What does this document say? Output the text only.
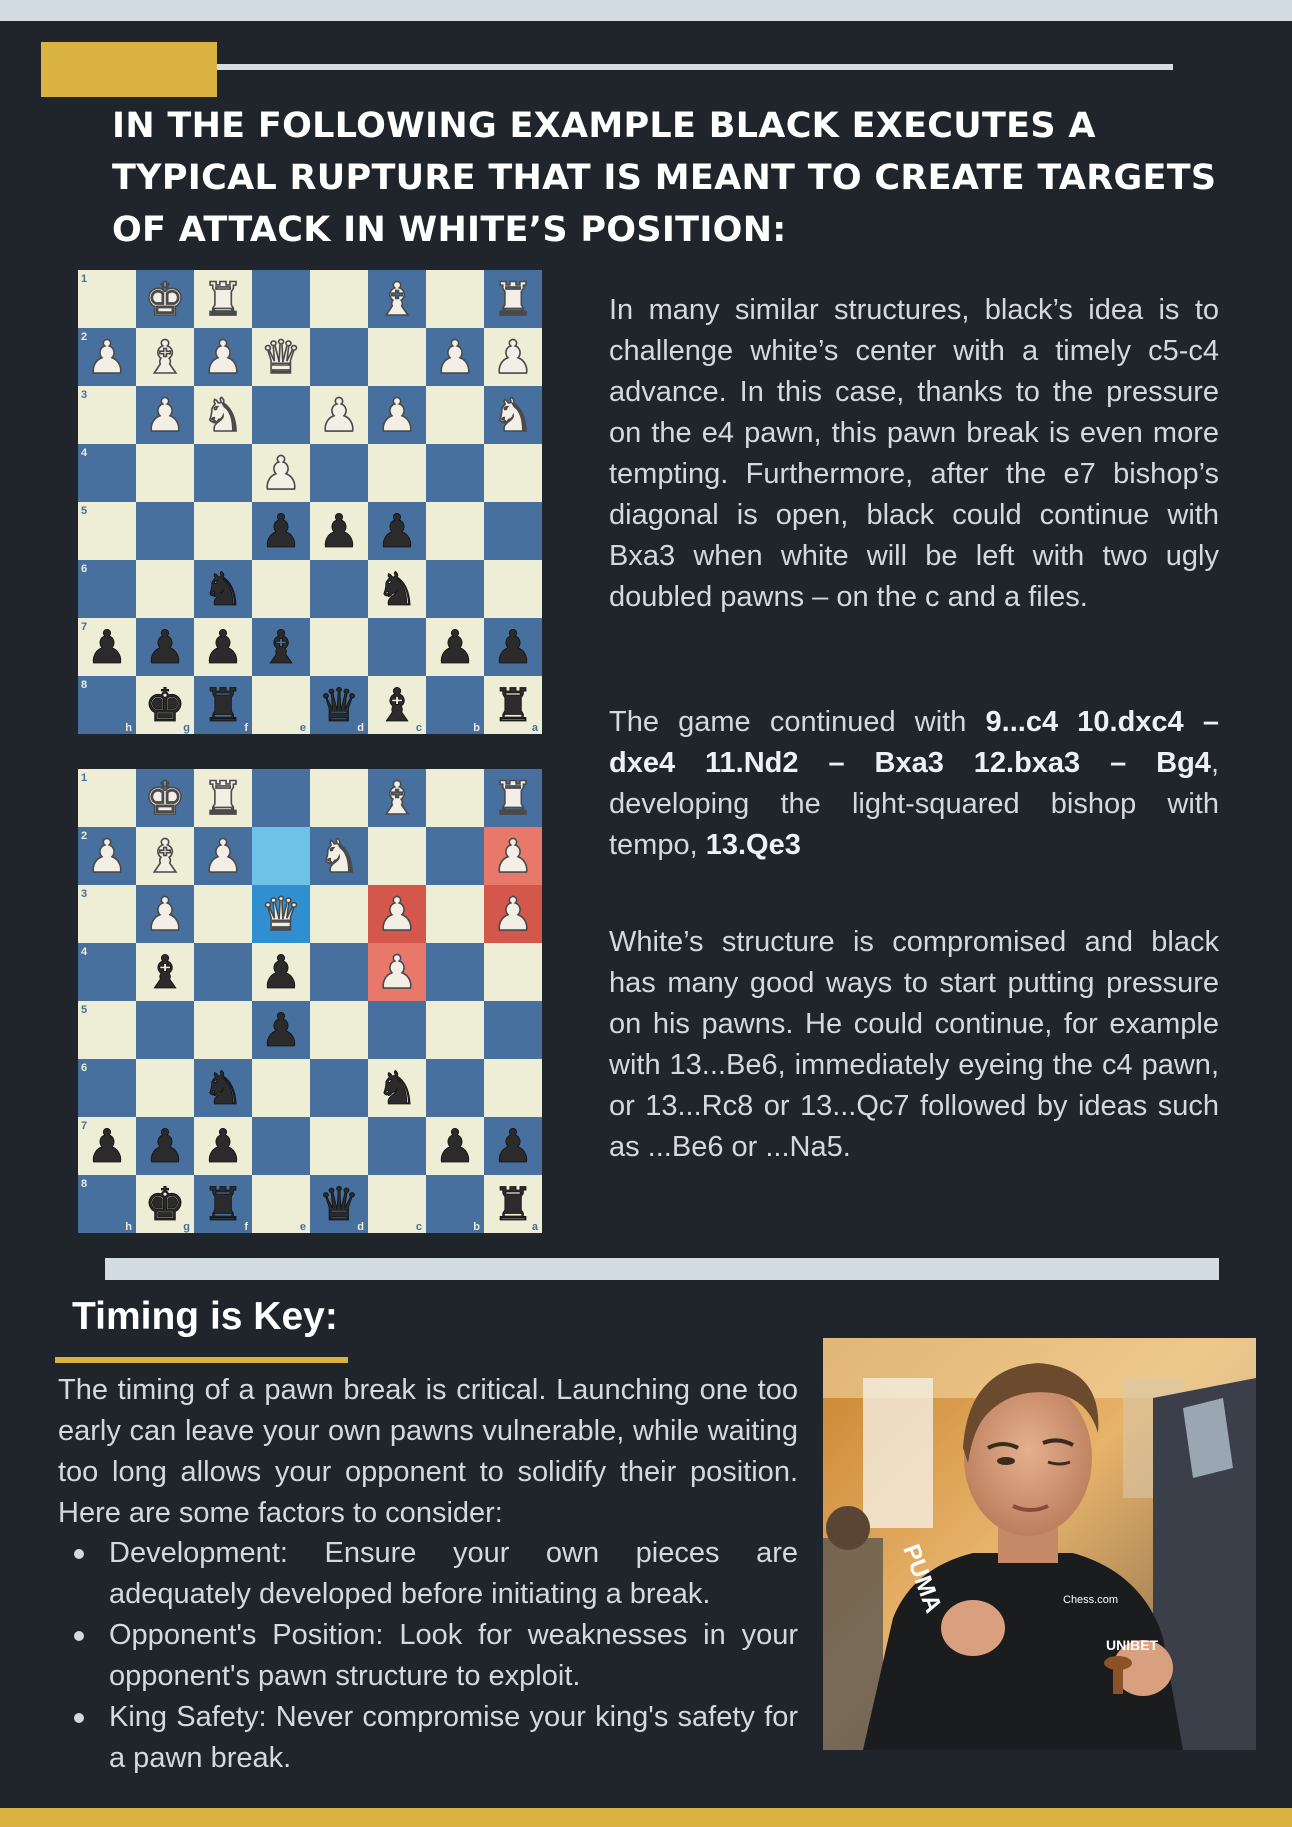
IN THE FOLLOWING EXAMPLE BLACK EXECUTES A TYPICAL RUPTURE THAT IS MEANT TO CREATE TARGETS OF ATTACK IN WHITE’S POSITION:
♚ ♜	♝ ♜
♟ ♝ ♟ ♛	♟ ♟
♟ ♞ ♟ ♟ ♞
♟
♟ ♟ ♟
♞	♞
♟ ♟ ♟ ♝	♟ ♟
♚ ♜ ♛ ♝ ♜
1
2
3
4
5
6
7
8
h	g	f	e	d	c	b	a
♚ ♜	♝ ♜
♟ ♝ ♟ ♞	♟
♟ ♛ ♟ ♟
♝ ♟ ♟
♟
♞	♞
♟ ♟ ♟	♟ ♟
♚ ♜ ♛	♜
1
2
3
4
5
6
7
8
h	g	f	e	d	c	b	a

In many similar structures, black’s idea is to challenge white’s center with a timely c5-c4 advance. In this case, thanks to the pressure on the e4 pawn, this pawn break is even more tempting. Furthermore, after the e7 bishop’s diagonal is open, black could continue with Bxa3 when white will be left with two ugly doubled pawns – on the c and a files.

The game continued with 9...c4 10.dxc4 – dxe4 11.Nd2 – Bxa3 12.bxa3 – Bg4, developing the light-squared bishop with tempo, 13.Qe3

White’s structure is compromised and black has many good ways to start putting pressure on his pawns. He could continue, for example with 13...Be6, immediately eyeing the c4 pawn, or 13...Rc8 or 13...Qc7 followed by ideas such as ...Be6 or ...Na5.

Timing is Key:

The timing of a pawn break is critical. Launching one too early can leave your own pawns vulnerable, while waiting too long allows your opponent to solidify their position. Here are some factors to consider:

Development: Ensure your own pieces are adequately developed before initiating a break.
Opponent's Position: Look for weaknesses in your opponent's pawn structure to exploit.
King Safety: Never compromise your king's safety for a pawn break.
Chess.com
UNIBET
PUMA
